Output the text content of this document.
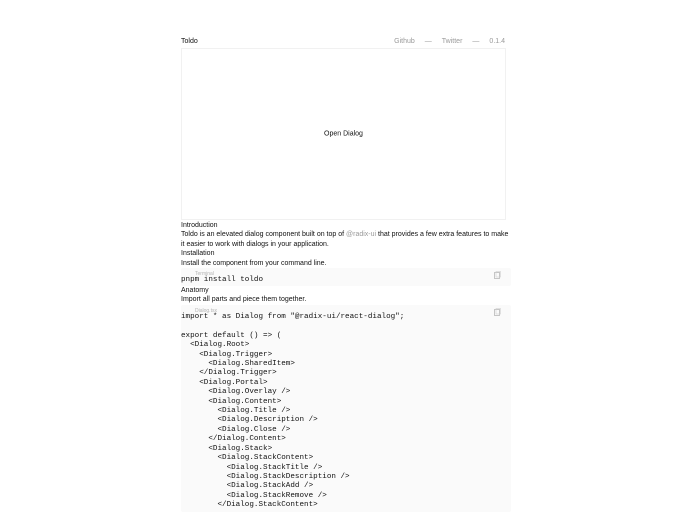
Toldo	Github — Twitter — 0.1.4
Open Dialog

Introduction

Toldo is an elevated dialog component built on top of @radix-ui that provides a few extra features to make it easier to work with dialogs in your application.

Installation

Install the component from your command line.

Terminal
pnpm install toldo

Anatomy

Import all parts and piece them together.

Dialog.tsx
import * as Dialog from "@radix-ui/react-dialog";

export default () => (
<Dialog.Root>
<Dialog.Trigger>
<Dialog.SharedItem>
</Dialog.Trigger>
<Dialog.Portal>
<Dialog.Overlay />
<Dialog.Content>
<Dialog.Title />
<Dialog.Description />
<Dialog.Close />
</Dialog.Content>
<Dialog.Stack>
<Dialog.StackContent>
<Dialog.StackTitle />
<Dialog.StackDescription />
<Dialog.StackAdd />
<Dialog.StackRemove />
</Dialog.StackContent>
